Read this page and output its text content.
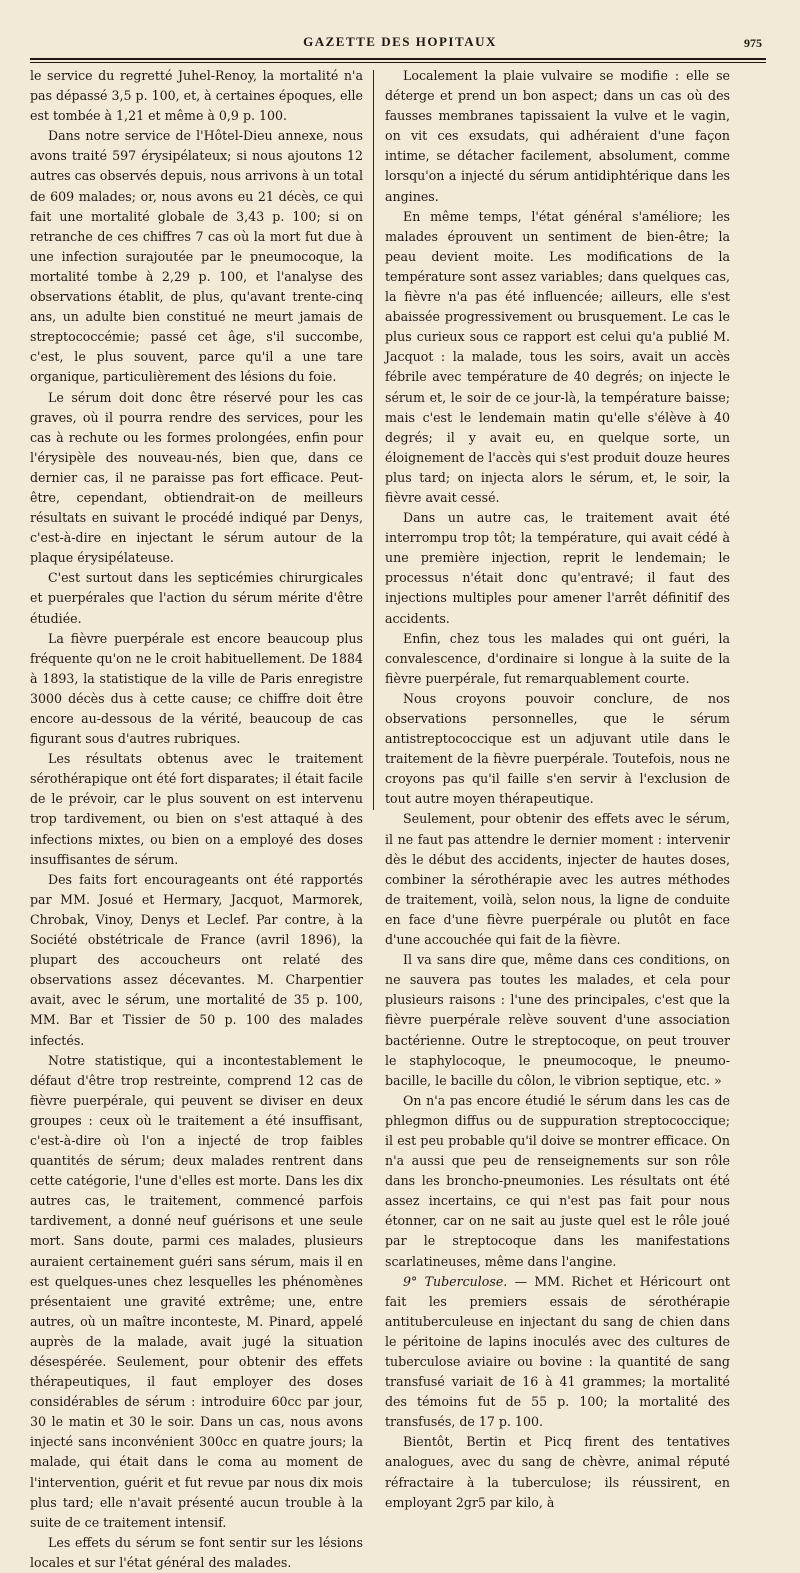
GAZETTE DES HOPITAUX	975

le service du regretté Juhel-Renoy, la mortalité n'a pas dépassé 3,5 p. 100, et, à certaines époques, elle est tombée à 1,21 et même à 0,9 p. 100.

Dans notre service de l'Hôtel-Dieu annexe, nous avons traité 597 érysipélateux; si nous ajoutons 12 autres cas observés depuis, nous arrivons à un total de 609 malades; or, nous avons eu 21 décès, ce qui fait une mortalité globale de 3,43 p. 100; si on retranche de ces chiffres 7 cas où la mort fut due à une infection surajoutée par le pneumocoque, la mortalité tombe à 2,29 p. 100, et l'analyse des observations établit, de plus, qu'avant trente-cinq ans, un adulte bien constitué ne meurt jamais de streptococcémie; passé cet âge, s'il succombe, c'est, le plus souvent, parce qu'il a une tare organique, particulièrement des lésions du foie.

Le sérum doit donc être réservé pour les cas graves, où il pourra rendre des services, pour les cas à rechute ou les formes prolongées, enfin pour l'érysipèle des nouveau-nés, bien que, dans ce dernier cas, il ne paraisse pas fort efficace. Peut-être, cependant, obtiendrait-on de meilleurs résultats en suivant le procédé indiqué par Denys, c'est-à-dire en injectant le sérum autour de la plaque érysipélateuse.

C'est surtout dans les septicémies chirurgicales et puerpérales que l'action du sérum mérite d'être étudiée.

La fièvre puerpérale est encore beaucoup plus fréquente qu'on ne le croit habituellement. De 1884 à 1893, la statistique de la ville de Paris enregistre 3000 décès dus à cette cause; ce chiffre doit être encore au-dessous de la vérité, beaucoup de cas figurant sous d'autres rubriques.

Les résultats obtenus avec le traitement sérothérapique ont été fort disparates; il était facile de le prévoir, car le plus souvent on est intervenu trop tardivement, ou bien on s'est attaqué à des infections mixtes, ou bien on a employé des doses insuffisantes de sérum.

Des faits fort encourageants ont été rapportés par MM. Josué et Hermary, Jacquot, Marmorek, Chrobak, Vinoy, Denys et Leclef. Par contre, à la Société obstétricale de France (avril 1896), la plupart des accoucheurs ont relaté des observations assez décevantes. M. Charpentier avait, avec le sérum, une mortalité de 35 p. 100, MM. Bar et Tissier de 50 p. 100 des malades infectés.

Notre statistique, qui a incontestablement le défaut d'être trop restreinte, comprend 12 cas de fièvre puerpérale, qui peuvent se diviser en deux groupes : ceux où le traitement a été insuffisant, c'est-à-dire où l'on a injecté de trop faibles quantités de sérum; deux malades rentrent dans cette catégorie, l'une d'elles est morte. Dans les dix autres cas, le traitement, commencé parfois tardivement, a donné neuf guérisons et une seule mort. Sans doute, parmi ces malades, plusieurs auraient certainement guéri sans sérum, mais il en est quelques-unes chez lesquelles les phénomènes présentaient une gravité extrême; une, entre autres, où un maître inconteste, M. Pinard, appelé auprès de la malade, avait jugé la situation désespérée. Seulement, pour obtenir des effets thérapeutiques, il faut employer des doses considérables de sérum : introduire 60cc par jour, 30 le matin et 30 le soir. Dans un cas, nous avons injecté sans inconvénient 300cc en quatre jours; la malade, qui était dans le coma au moment de l'intervention, guérit et fut revue par nous dix mois plus tard; elle n'avait présenté aucun trouble à la suite de ce traitement intensif.

Les effets du sérum se font sentir sur les lésions locales et sur l'état général des malades.

Localement la plaie vulvaire se modifie : elle se déterge et prend un bon aspect; dans un cas où des fausses membranes tapissaient la vulve et le vagin, on vit ces exsudats, qui adhéraient d'une façon intime, se détacher facilement, absolument, comme lorsqu'on a injecté du sérum antidiphtérique dans les angines.

En même temps, l'état général s'améliore; les malades éprouvent un sentiment de bien-être; la peau devient moite. Les modifications de la température sont assez variables; dans quelques cas, la fièvre n'a pas été influencée; ailleurs, elle s'est abaissée progressivement ou brusquement. Le cas le plus curieux sous ce rapport est celui qu'a publié M. Jacquot : la malade, tous les soirs, avait un accès fébrile avec température de 40 degrés; on injecte le sérum et, le soir de ce jour-là, la température baisse; mais c'est le lendemain matin qu'elle s'élève à 40 degrés; il y avait eu, en quelque sorte, un éloignement de l'accès qui s'est produit douze heures plus tard; on injecta alors le sérum, et, le soir, la fièvre avait cessé.

Dans un autre cas, le traitement avait été interrompu trop tôt; la température, qui avait cédé à une première injection, reprit le lendemain; le processus n'était donc qu'entravé; il faut des injections multiples pour amener l'arrêt définitif des accidents.

Enfin, chez tous les malades qui ont guéri, la convalescence, d'ordinaire si longue à la suite de la fièvre puerpérale, fut remarquablement courte.

Nous croyons pouvoir conclure, de nos observations personnelles, que le sérum antistreptococcique est un adjuvant utile dans le traitement de la fièvre puerpérale. Toutefois, nous ne croyons pas qu'il faille s'en servir à l'exclusion de tout autre moyen thérapeutique.

Seulement, pour obtenir des effets avec le sérum, il ne faut pas attendre le dernier moment : intervenir dès le début des accidents, injecter de hautes doses, combiner la sérothérapie avec les autres méthodes de traitement, voilà, selon nous, la ligne de conduite en face d'une fièvre puerpérale ou plutôt en face d'une accouchée qui fait de la fièvre.

Il va sans dire que, même dans ces conditions, on ne sauvera pas toutes les malades, et cela pour plusieurs raisons : l'une des principales, c'est que la fièvre puerpérale relève souvent d'une association bactérienne. Outre le streptocoque, on peut trouver le staphylocoque, le pneumocoque, le pneumo-bacille, le bacille du côlon, le vibrion septique, etc. »

On n'a pas encore étudié le sérum dans les cas de phlegmon diffus ou de suppuration streptococcique; il est peu probable qu'il doive se montrer efficace. On n'a aussi que peu de renseignements sur son rôle dans les broncho-pneumonies. Les résultats ont été assez incertains, ce qui n'est pas fait pour nous étonner, car on ne sait au juste quel est le rôle joué par le streptocoque dans les manifestations scarlatineuses, même dans l'angine.

9° Tuberculose. — MM. Richet et Héricourt ont fait les premiers essais de sérothérapie antituberculeuse en injectant du sang de chien dans le péritoine de lapins inoculés avec des cultures de tuberculose aviaire ou bovine : la quantité de sang transfusé variait de 16 à 41 grammes; la mortalité des témoins fut de 55 p. 100; la mortalité des transfusés, de 17 p. 100.

Bientôt, Bertin et Picq firent des tentatives analogues, avec du sang de chèvre, animal réputé réfractaire à la tuberculose; ils réussirent, en employant 2gr5 par kilo, à
